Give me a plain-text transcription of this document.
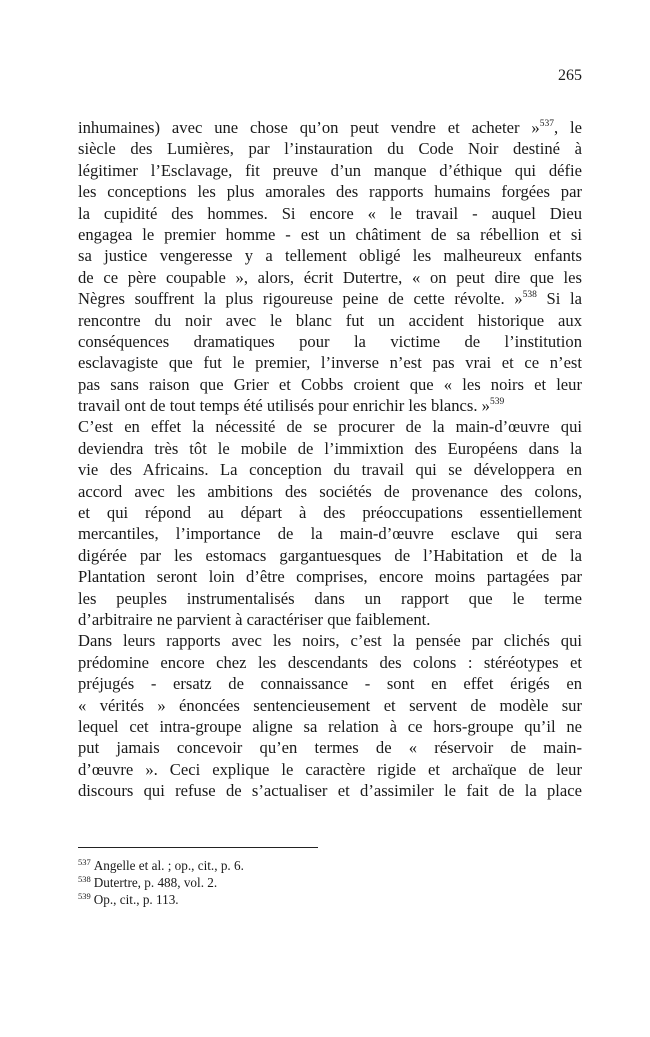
265
inhumaines) avec une chose qu’on peut vendre et acheter »$^{537}$, le
siècle des Lumières, par l’instauration du Code Noir destiné à
légitimer l’Esclavage, fit preuve d’un manque d’éthique qui défie
les conceptions les plus amorales des rapports humains forgées par
la cupidité des hommes. Si encore « le travail - auquel Dieu
engagea le premier homme - est un châtiment de sa rébellion et si
sa justice vengeresse y a tellement obligé les malheureux enfants
de ce père coupable », alors, écrit Dutertre, « on peut dire que les
Nègres souffrent la plus rigoureuse peine de cette révolte. »$^{538}$ Si la
rencontre du noir avec le blanc fut un accident historique aux
conséquences dramatiques pour la victime de l’institution
esclavagiste que fut le premier, l’inverse n’est pas vrai et ce n’est
pas sans raison que Grier et Cobbs croient que « les noirs et leur
travail ont de tout temps été utilisés pour enrichir les blancs. »$^{539}$
C’est en effet la nécessité de se procurer de la main-d’œuvre qui
deviendra très tôt le mobile de l’immixtion des Européens dans la
vie des Africains. La conception du travail qui se développera en
accord avec les ambitions des sociétés de provenance des colons,
et qui répond au départ à des préoccupations essentiellement
mercantiles, l’importance de la main-d’œuvre esclave qui sera
digérée par les estomacs gargantuesques de l’Habitation et de la
Plantation seront loin d’être comprises, encore moins partagées par
les peuples instrumentalisés dans un rapport que le terme
d’arbitraire ne parvient à caractériser que faiblement.
Dans leurs rapports avec les noirs, c’est la pensée par clichés qui
prédomine encore chez les descendants des colons : stéréotypes et
préjugés - ersatz de connaissance - sont en effet érigés en
« vérités » énoncées sentencieusement et servent de modèle sur
lequel cet intra-groupe aligne sa relation à ce hors-groupe qu’il ne
put jamais concevoir qu’en termes de « réservoir de main-
d’œuvre ». Ceci explique le caractère rigide et archaïque de leur
discours qui refuse de s’actualiser et d’assimiler le fait de la place
$^{537}$ Angelle et al. ; op., cit., p. 6.
$^{538}$ Dutertre, p. 488, vol. 2.
$^{539}$ Op., cit., p. 113.
